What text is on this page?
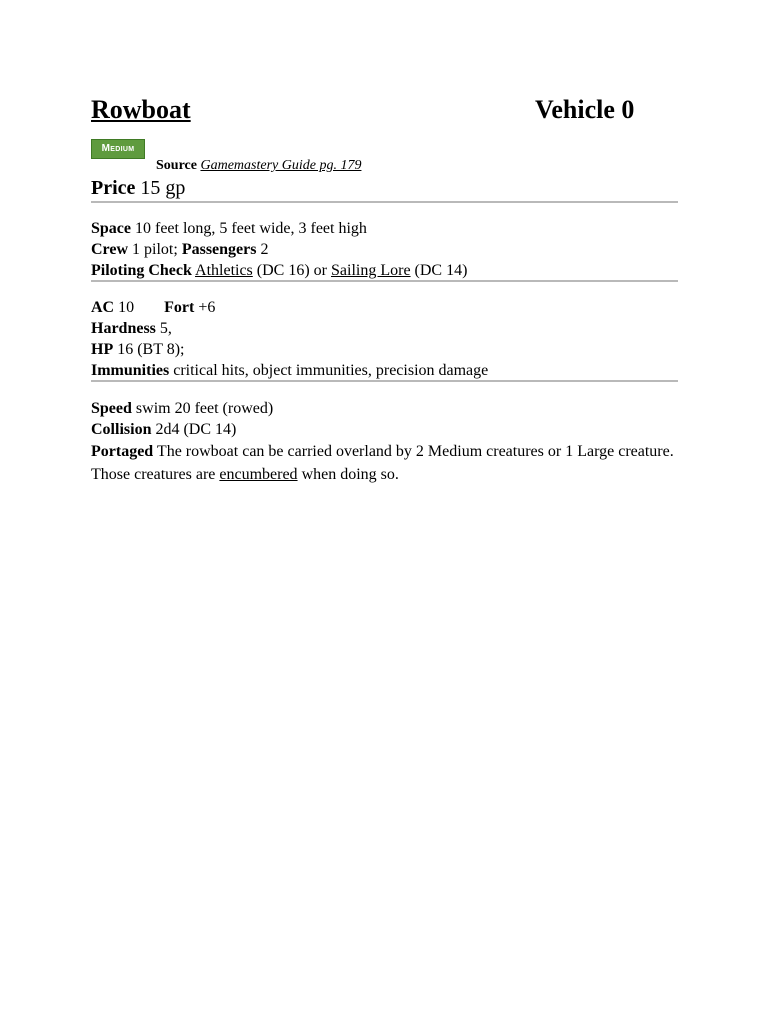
Rowboat	Vehicle 0
Medium
Source Gamemastery Guide pg. 179
Price 15 gp
Space 10 feet long, 5 feet wide, 3 feet high
Crew 1 pilot; Passengers 2
Piloting Check Athletics (DC 16) or Sailing Lore (DC 14)
AC 10 Fort +6
Hardness 5,
HP 16 (BT 8);
Immunities critical hits, object immunities, precision damage
Speed swim 20 feet (rowed)
Collision 2d4 (DC 14)
Portaged The rowboat can be carried overland by 2 Medium creatures or 1 Large creature. Those creatures are encumbered when doing so.
